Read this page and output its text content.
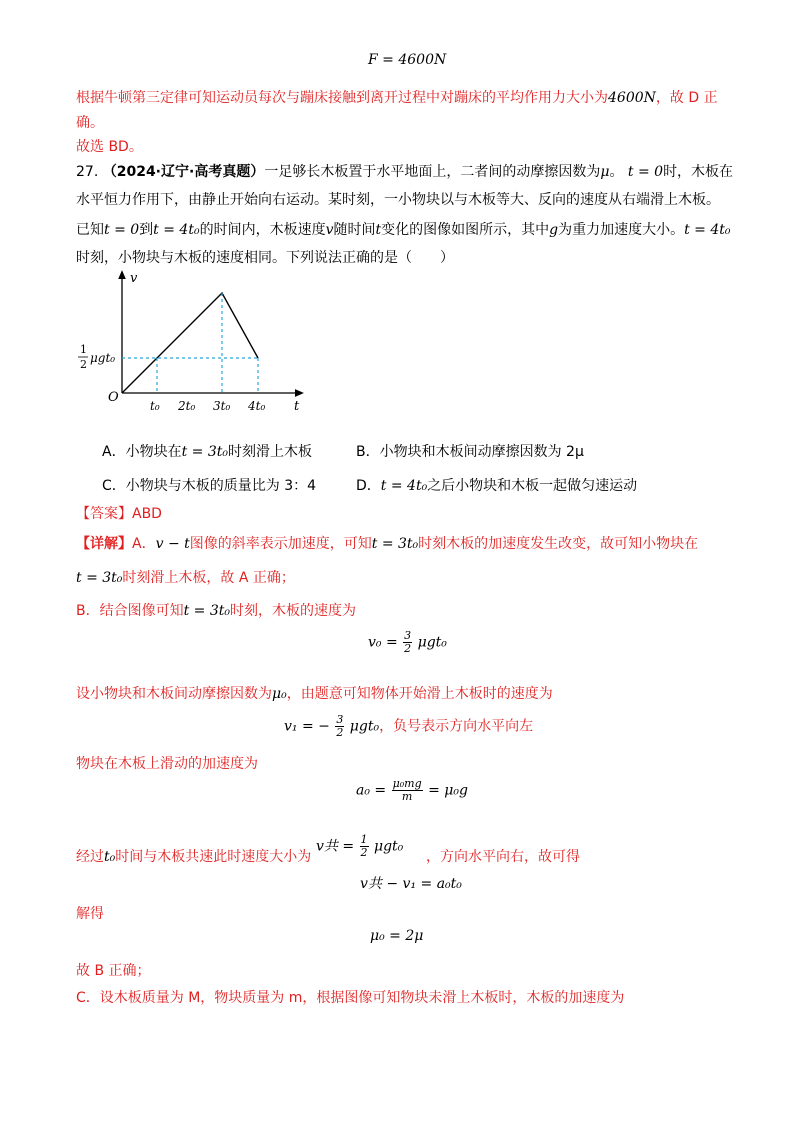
F = 4600N
根据牛顿第三定律可知运动员每次与蹦床接触到离开过程中对蹦床的平均作用力大小为4600N，故 D 正
确。
故选 BD。
27. （2024·辽宁·高考真题）一足够长木板置于水平地面上，二者间的动摩擦因数为μ。 t = 0时，木板在
水平恒力作用下，由静止开始向右运动。某时刻，一小物块以与木板等大、反向的速度从右端滑上木板。
已知t = 0到t = 4t₀的时间内，木板速度v随时间t变化的图像如图所示，其中g为重力加速度大小。t = 4t₀
时刻，小物块与木板的速度相同。下列说法正确的是（　　）
v
t
O
1
2 μgt₀
t₀ 2t₀ 3t₀ 4t₀
A．小物块在t = 3t₀时刻滑上木板	B．小物块和木板间动摩擦因数为 2μ
C．小物块与木板的质量比为 3：4	D．t = 4t₀之后小物块和木板一起做匀速运动
【答案】ABD
【详解】A．v − t图像的斜率表示加速度，可知t = 3t₀时刻木板的加速度发生改变，故可知小物块在
t = 3t₀时刻滑上木板，故 A 正确；
B．结合图像可知t = 3t₀时刻，木板的速度为
$v_0 = \frac{3}{2} \mu gt_0$
设小物块和木板间动摩擦因数为μ₀，由题意可知物体开始滑上木板时的速度为
v₁ = − $\frac{3}{2} \mu gt_0$，负号表示方向水平向左
物块在木板上滑动的加速度为
$a_0 = \frac{\text{μ₀mg}}{m} = \mu_0g$
经过t₀时间与木板共速此时速度大小为
v共 = $\frac{1}{2} \mu gt_0$
，方向水平向右，故可得
v共 − v₁ = a₀t₀
解得
μ₀ = 2μ
故 B 正确；
C．设木板质量为 M，物块质量为 m，根据图像可知物块未滑上木板时，木板的加速度为
